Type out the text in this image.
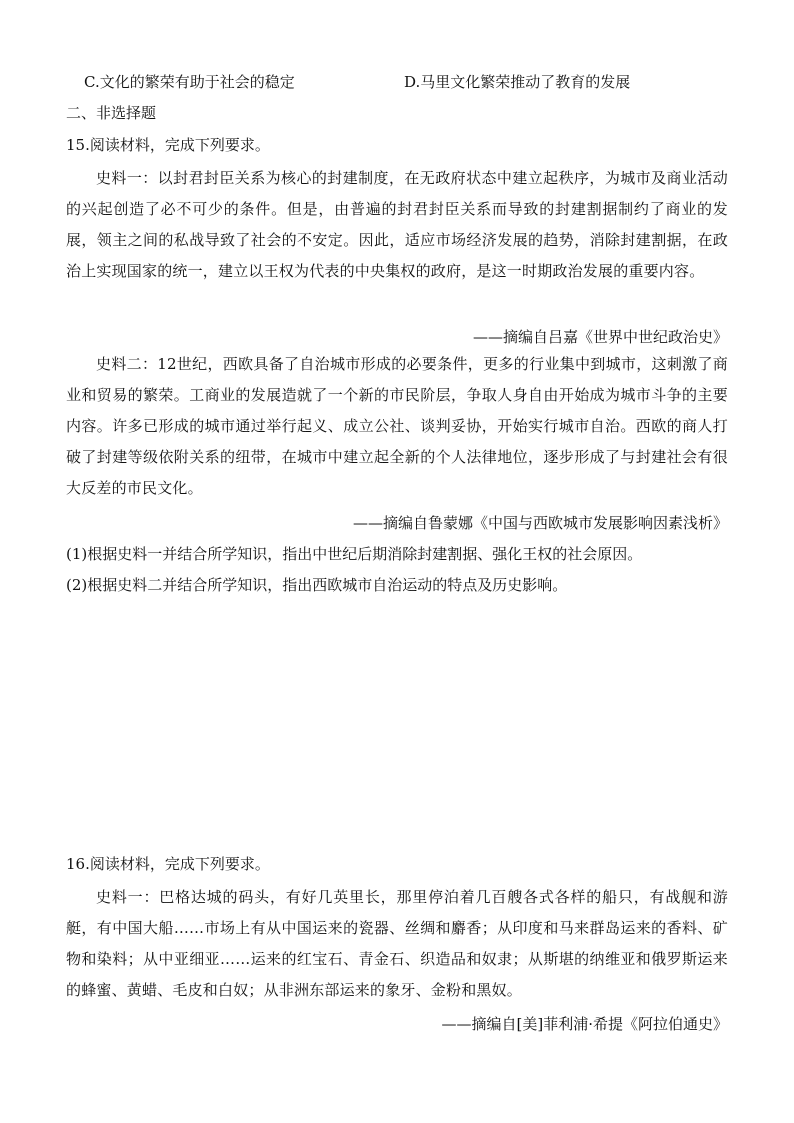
C.文化的繁荣有助于社会的稳定	D.马里文化繁荣推动了教育的发展
二、非选择题
15.阅读材料，完成下列要求。
史料一：以封君封臣关系为核心的封建制度，在无政府状态中建立起秩序，为城市及商业活动的兴起创造了必不可少的条件。但是，由普遍的封君封臣关系而导致的封建割据制约了商业的发展，领主之间的私战导致了社会的不安定。因此，适应市场经济发展的趋势，消除封建割据，在政治上实现国家的统一，建立以王权为代表的中央集权的政府，是这一时期政治发展的重要内容。
——摘编自吕嘉《世界中世纪政治史》
史料二：12世纪，西欧具备了自治城市形成的必要条件，更多的行业集中到城市，这刺激了商业和贸易的繁荣。工商业的发展造就了一个新的市民阶层，争取人身自由开始成为城市斗争的主要内容。许多已形成的城市通过举行起义、成立公社、谈判妥协，开始实行城市自治。西欧的商人打破了封建等级依附关系的纽带，在城市中建立起全新的个人法律地位，逐步形成了与封建社会有很大反差的市民文化。
——摘编自鲁蒙娜《中国与西欧城市发展影响因素浅析》
(1)根据史料一并结合所学知识，指出中世纪后期消除封建割据、强化王权的社会原因。
(2)根据史料二并结合所学知识，指出西欧城市自治运动的特点及历史影响。
16.阅读材料，完成下列要求。
史料一：巴格达城的码头，有好几英里长，那里停泊着几百艘各式各样的船只，有战舰和游艇，有中国大船……市场上有从中国运来的瓷器、丝绸和麝香；从印度和马来群岛运来的香料、矿物和染料；从中亚细亚……运来的红宝石、青金石、织造品和奴隶；从斯堪的纳维亚和俄罗斯运来的蜂蜜、黄蜡、毛皮和白奴；从非洲东部运来的象牙、金粉和黑奴。
——摘编自[美]菲利浦·希提《阿拉伯通史》
